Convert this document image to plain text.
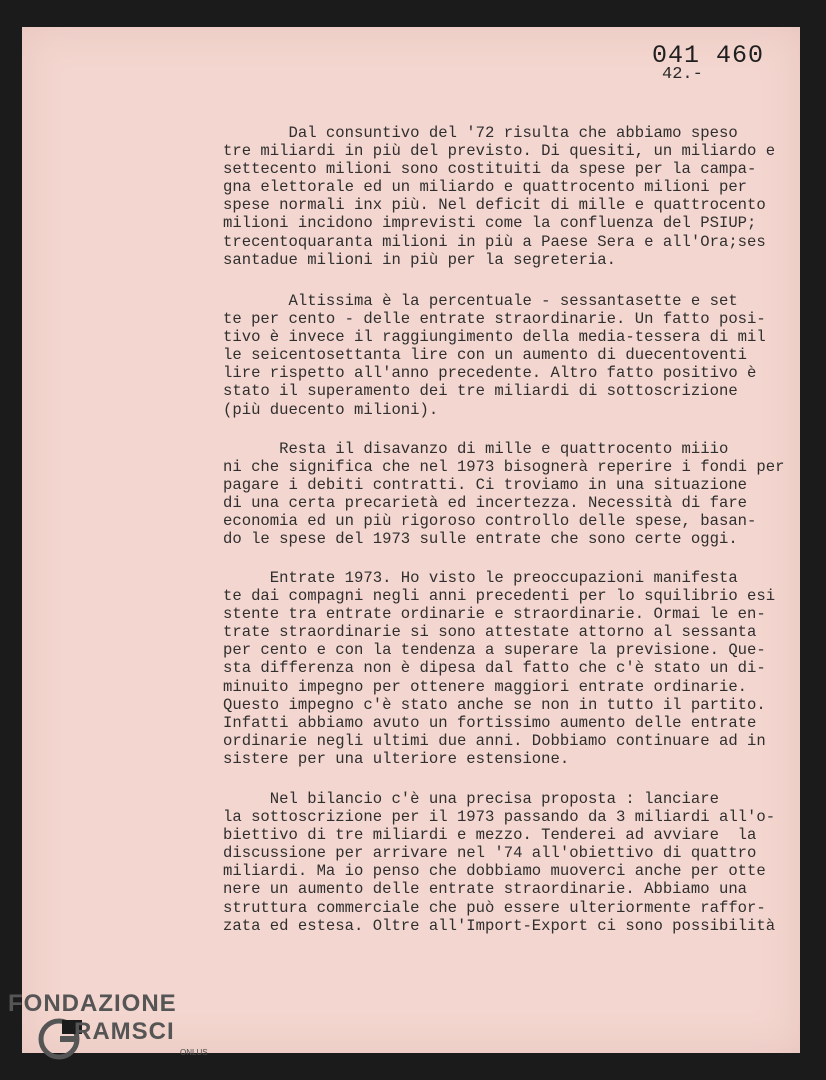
041 460
42.-
Dal consuntivo del '72 risulta che abbiamo speso
tre miliardi in più del previsto. Di quesіti, un miliardo e
settecento milioni sono costituiti da spese per la campa-
gna elettorale ed un miliardo e quattrocento milioni per
spese normali inx più. Nel deficit di mille e quattrocento
milioni incidono imprevisti come la confluenza del PSIUP;
trecentoquaranta milioni in più a Paese Sera e all'Ora;ses
santadue milioni in più per la segreteria.
Altissima è la percentuale - sessantasette e set
te per cento - delle entrate straordinarie. Un fatto posi-
tivo è invece il raggiungimento della media-tessera di mil
le seicentosettanta lire con un aumento di duecentoventi
lire rispetto all'anno precedente. Altro fatto positivo è
stato il superamento dei tre miliardi di sottoscrizione
(più duecento milioni).
Resta il disavanzo di mille e quattrocento miiio
ni che significa che nel 1973 bisognerà reperire i fondi per
pagare i debiti contratti. Ci troviamo in una situazione
di una certa precarietà ed incertezza. Necessità di fare
economia ed un più rigoroso controllo delle spese, basan-
do le spese del 1973 sulle entrate che sono certe oggi.
Entrate 1973. Ho visto le preoccupazioni manifesta
te dai compagni negli anni precedenti per lo squilibrio esi
stente tra entrate ordinarie e straordinarie. Ormai le en-
trate straordinarie si sono attestate attorno al sessanta
per cento e con la tendenza a superare la previsione. Que-
sta differenza non è dipesa dal fatto che c'è stato un di-
minuito impegno per ottenere maggiori entrate ordinarie.
Questo impegno c'è stato anche se non in tutto il partito.
Infatti abbiamo avuto un fortissimo aumento delle entrate
ordinarie negli ultimi due anni. Dobbiamo continuare ad in
sistere per una ulteriore estensione.
Nel bilancio c'è una precisa proposta : lanciare
la sottoscrizione per il 1973 passando da 3 miliardi all'o-
biettivo di tre miliardi e mezzo. Tenderei ad avviare  la
discussione per arrivare nel '74 all'obiettivo di quattro
miliardi. Ma io penso che dobbiamo muoverci anche per otte
nere un aumento delle entrate straordinarie. Abbiamo una
struttura commerciale che può essere ulteriormente raffor-
zata ed estesa. Oltre all'Import-Export ci sono possibilità
FONDAZIONE
RAMSCI
ONLUS
